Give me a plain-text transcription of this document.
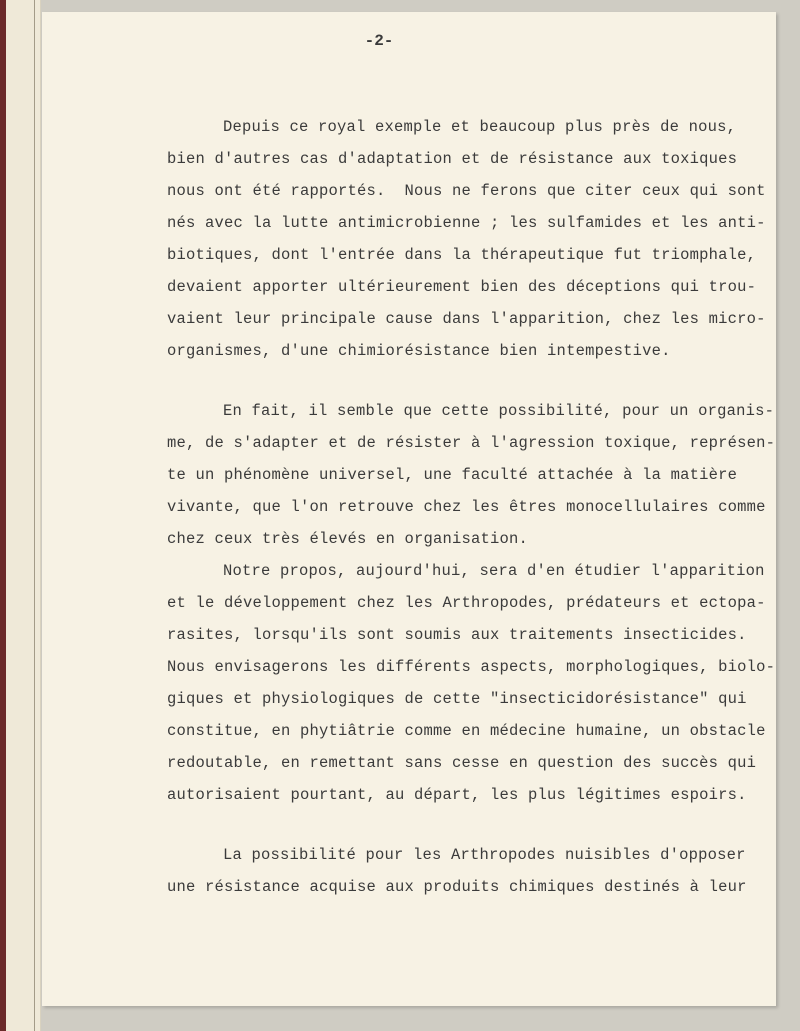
-2-
Depuis ce royal exemple et beaucoup plus près de nous,
bien d'autres cas d'adaptation et de résistance aux toxiques
nous ont été rapportés.  Nous ne ferons que citer ceux qui sont
nés avec la lutte antimicrobienne ; les sulfamides et les anti-
biotiques, dont l'entrée dans la thérapeutique fut triomphale,
devaient apporter ultérieurement bien des déceptions qui trou-
vaient leur principale cause dans l'apparition, chez les micro-
organismes, d'une chimiorésistance bien intempestive.
En fait, il semble que cette possibilité, pour un organis-
me, de s'adapter et de résister à l'agression toxique, représen-
te un phénomène universel, une faculté attachée à la matière
vivante, que l'on retrouve chez les êtres monocellulaires comme
chez ceux très élevés en organisation.
Notre propos, aujourd'hui, sera d'en étudier l'apparition
et le développement chez les Arthropodes, prédateurs et ectopa-
rasites, lorsqu'ils sont soumis aux traitements insecticides.
Nous envisagerons les différents aspects, morphologiques, biolo-
giques et physiologiques de cette "insecticidorésistance" qui
constitue, en phytiâtrie comme en médecine humaine, un obstacle
redoutable, en remettant sans cesse en question des succès qui
autorisaient pourtant, au départ, les plus légitimes espoirs.
La possibilité pour les Arthropodes nuisibles d'opposer
une résistance acquise aux produits chimiques destinés à leur
